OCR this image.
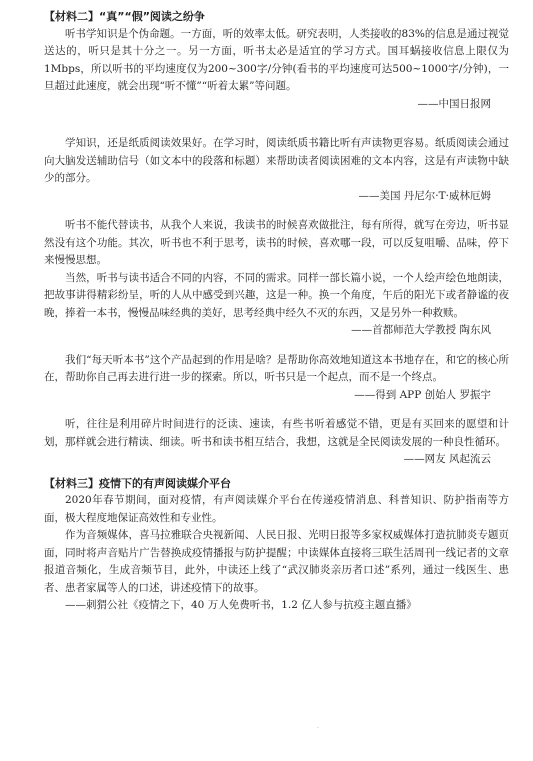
【材料二】“真”“假”阅读之纷争

听书学知识是个伪命题。一方面，听的效率太低。研究表明，人类接收的83%的信息是通过视觉送达的，听只是其十分之一。另一方面，听书太必是适宜的学习方式。国耳蜗接收信息上限仅为1Mbps，所以听书的平均速度仅为200~300字/分钟(看书的平均速度可达500~1000字/分钟)，一旦超过此速度，就会出现“听不懂”“听着太累”等问题。

——中国日报网

学知识，还是纸质阅读效果好。在学习时，阅读纸质书籍比听有声读物更容易。纸质阅读会通过向大脑发送辅助信号（如文本中的段落和标题）来帮助读者阅读困难的文本内容，这是有声读物中缺少的部分。

——美国 丹尼尔·T·威林厄姆

听书不能代替读书，从我个人来说，我读书的时候喜欢做批注，每有所得，就写在旁边，听书显然没有这个功能。其次，听书也不利于思考，读书的时候，喜欢哪一段，可以反复咀嚼、品味，停下来慢慢思想。

当然，听书与读书适合不同的内容，不同的需求。同样一部长篇小说，一个人绘声绘色地朗读，把故事讲得精彩纷呈，听的人从中感受到兴趣，这是一种。换一个角度，午后的阳光下或者静谧的夜晚，捧着一本书，慢慢品味经典的美好，思考经典中经久不灭的东西，又是另外一种救赎。

——首都师范大学教授 陶东风

我们“每天听本书”这个产品起到的作用是啥？是帮助你高效地知道这本书地存在，和它的核心所在，帮助你自己再去进行进一步的探索。所以，听书只是一个起点，而不是一个终点。

——得到 APP 创始人 罗振宇

听，往往是利用碎片时间进行的泛读、速读，有些书听着感觉不错，更是有买回来的愿望和计划，那样就会进行精读、细读。听书和读书相互结合，我想，这就是全民阅读发展的一种良性循环。

——网友 风起流云
【材料三】疫情下的有声阅读媒介平台

2020年春节期间，面对疫情，有声阅读媒介平台在传递疫情消息、科普知识、防护指南等方面，极大程度地保证高效性和专业性。

作为音频媒体，喜马拉雅联合央视新闻、人民日报、光明日报等多家权威媒体打造抗肺炎专题页面，同时将声音贴片广告替换成疫情播报与防护提醒；中读媒体直接将三联生活周刊一线记者的文章报道音频化，生成音频节目，此外，中读还上线了“武汉肺炎亲历者口述”系列，通过一线医生、患者、患者家属等人的口述，讲述疫情下的故事。

——刺猬公社《疫情之下，40 万人免费听书，1.2 亿人参与抗疫主题直播》

·
